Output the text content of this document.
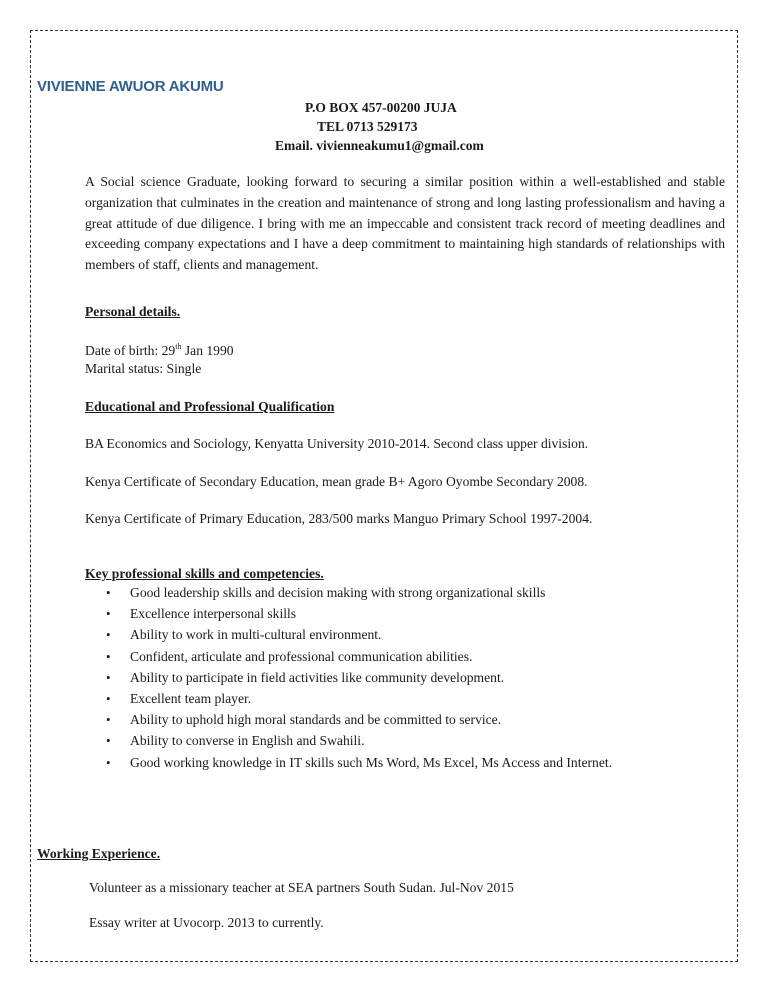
VIVIENNE AWUOR AKUMU
P.O BOX 457-00200 JUJA
TEL 0713 529173
Email. vivienneakumu1@gmail.com
A Social science Graduate, looking forward to securing a similar position within a well-established and stable organization that culminates in the creation and maintenance of strong and long lasting professionalism and having a great attitude of due diligence. I bring with me an impeccable and consistent track record of meeting deadlines and exceeding company expectations and I have a deep commitment to maintaining high standards of relationships with members of staff, clients and management.
Personal details.
Date of birth: 29th Jan 1990
Marital status: Single
Educational and Professional Qualification
BA Economics and Sociology, Kenyatta University 2010-2014. Second class upper division.
Kenya Certificate of Secondary Education, mean grade B+ Agoro Oyombe Secondary 2008.
Kenya Certificate of Primary Education, 283/500 marks Manguo Primary School 1997-2004.
Key professional skills and competencies.
• Good leadership skills and decision making with strong organizational skills
• Excellence interpersonal skills
• Ability to work in multi-cultural environment.
• Confident, articulate and professional communication abilities.
• Ability to participate in field activities like community development.
• Excellent team player.
• Ability to uphold high moral standards and be committed to service.
• Ability to converse in English and Swahili.
• Good working knowledge in IT skills such Ms Word, Ms Excel, Ms Access and Internet.
Working Experience.
Volunteer as a missionary teacher at SEA partners South Sudan. Jul-Nov 2015
Essay writer at Uvocorp. 2013 to currently.
